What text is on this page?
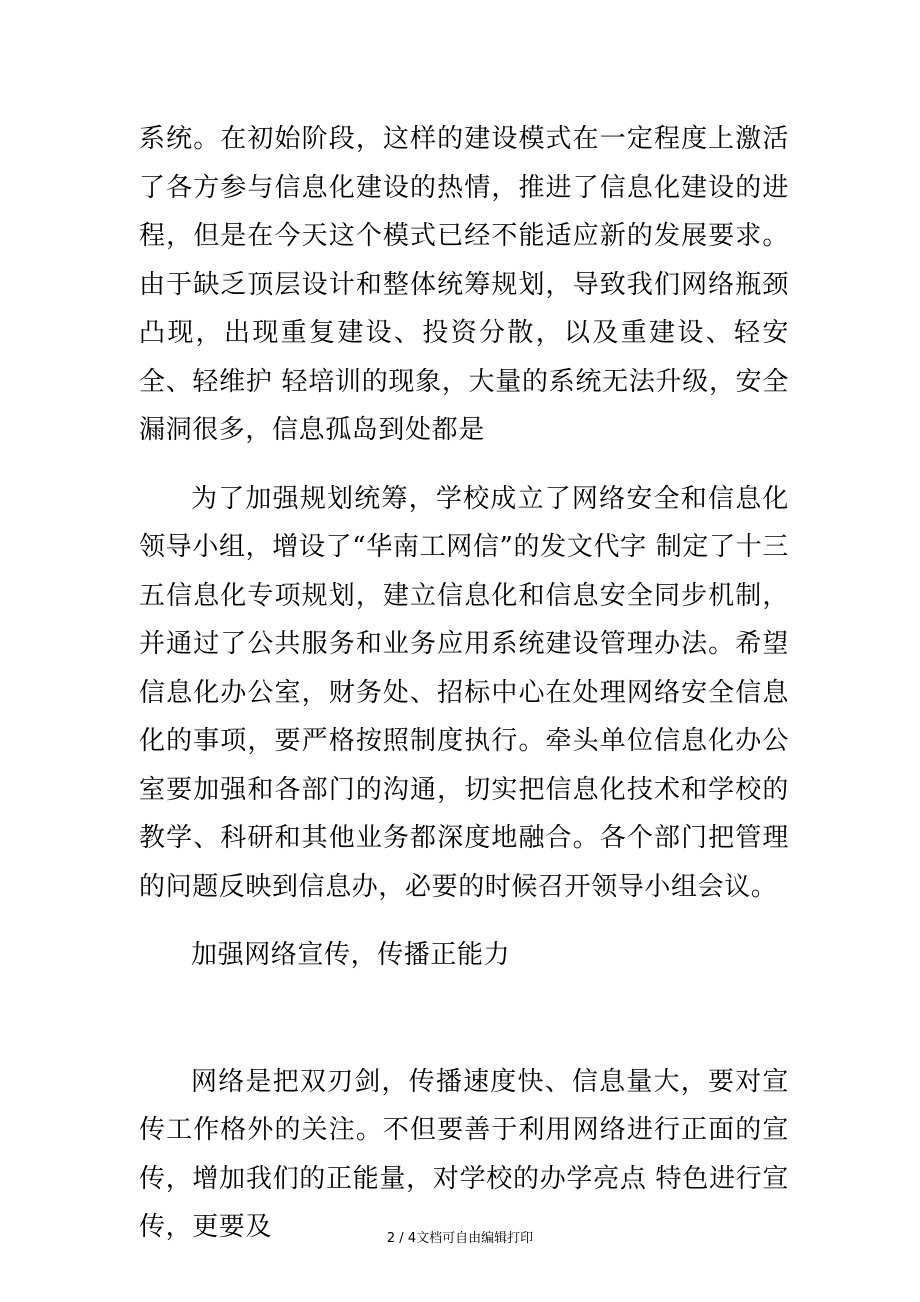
系统。在初始阶段，这样的建设模式在一定程度上激活了各方参与信息化建设的热情，推进了信息化建设的进程，但是在今天这个模式已经不能适应新的发展要求。由于缺乏顶层设计和整体统筹规划，导致我们网络瓶颈凸现，出现重复建设、投资分散，以及重建设、轻安全、轻维护 轻培训的现象，大量的系统无法升级，安全漏洞很多，信息孤岛到处都是

为了加强规划统筹，学校成立了网络安全和信息化领导小组，增设了“华南工网信”的发文代字 制定了十三五信息化专项规划，建立信息化和信息安全同步机制，并通过了公共服务和业务应用系统建设管理办法。希望信息化办公室，财务处、招标中心在处理网络安全信息化的事项，要严格按照制度执行。牵头单位信息化办公室要加强和各部门的沟通，切实把信息化技术和学校的教学、科研和其他业务都深度地融合。各个部门把管理的问题反映到信息办，必要的时候召开领导小组会议。

加强网络宣传，传播正能力

网络是把双刃剑，传播速度快、信息量大，要对宣传工作格外的关注。不但要善于利用网络进行正面的宣传，增加我们的正能量，对学校的办学亮点 特色进行宣传，更要及	2 / 4文档可自由编辑打印
